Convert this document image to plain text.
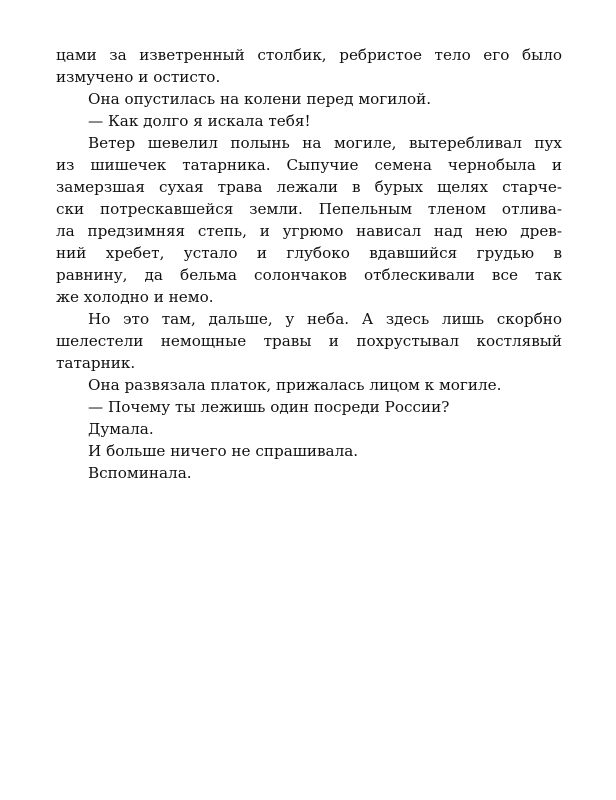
цами за изветренный столбик, ребристое тело его было
измучено и остисто.

Она опустилась на колени перед могилой.

— Как долго я искала тебя!

Ветер шевелил полынь на могиле, вытеребливал пух
из шишечек татарника. Сыпучие семена чернобыла и
замерзшая сухая трава лежали в бурых щелях старче-
ски потрескавшейся земли. Пепельным тленом отлива-
ла предзимняя степь, и угрюмо нависал над нею древ-
ний хребет, устало и глубоко вдавшийся грудью в
равнину, да бельма солончаков отблескивали все так
же холодно и немо.

Но это там, дальше, у неба. А здесь лишь скорбно
шелестели немощные травы и похрустывал костлявый
татарник.

Она развязала платок, прижалась лицом к могиле.

— Почему ты лежишь один посреди России?

Думала.

И больше ничего не спрашивала.

Вспоминала.
